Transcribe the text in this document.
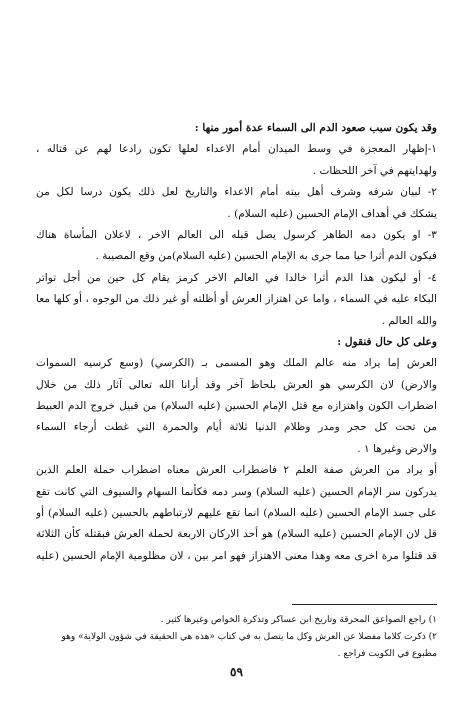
وقد يكون سبب صعود الدم الى السماء عدة أمور منها :
١-إظهار المعجزة في وسط الميدان أمام الاعداء لعلها تكون رادعا لهم عن قتاله ،
ولهدايتهم في آخر اللحظات .
٢- لبيان شرفه وشرف أهل بيته أمام الاعداء والتاريخ لعل ذلك يكون درسا لكل من
يشكك في أهداف الإمام الحسين (عليه السلام) .
٣- او يكون دمه الطاهر كرسول يصل قبله الى العالم الاخر ، لاعلان المأساة هناك
فيكون الدم أثرا حيا مما جرى به الإمام الحسين (عليه السلام)من وقع المصيبة .
٤- أو ليكون هذا الدم أثرا خالدا في العالم الاخر كرمز يقام كل حين من أجل تواتر
البكاء عليه في السماء ، واما عن اهتزاز العرش أو أظلته أو غير ذلك من الوجوه ، أو كلها معا
والله العالم .
وعلى كل حال فنقول :
العرش إما يراد منه عالم الملك وهو المسمى بـ (الكرسي) (وسع كرسيه السموات
والارض) لان الكرسي هو العرش بلحاظ آخر وقد أرانا الله تعالى آثار ذلك من خلال
اضطراب الكون واهتزازه مع قتل الإمام الحسين (عليه السلام) من قبيل خروج الدم العبيط
من تحت كل حجر ومدر وظلام الدنيا ثلاثة أيام والحمرة التي غطت أرجاء السماء
والارض وغيرها ١ .
أو يراد من العرش صفة العلم ٢ فاضطراب العرش معناه اضطراب حملة العلم الذين
يدركون سر الإمام الحسين (عليه السلام) وسر دمه فكأنما السهام والسيوف التي كانت تقع
على جسد الإمام الحسين (عليه السلام) انما تقع عليهم لارتباطهم بالحسين (عليه السلام) أو
قل لان الإمام الحسين (عليه السلام) هو أحد الاركان الاربعة لحملة العرش فبقتله كأن الثلاثة
قد قتلوا مرة اخرى معه وهذا معنى الاهتزاز فهو امر بين ، لان مظلومية الإمام الحسين (عليه
١) راجع الصواعق المحرقة وتاريخ ابن عساكر وتذكرة الخواص وغيرها كثير .
٢) ذكرت كلاما مفصلا عن العرش وكل ما يتصل به في كتاب «هذه هي الحقيقة في شؤون الولاية» وهو
مطبوع في الكويت فراجع .
٥٩
